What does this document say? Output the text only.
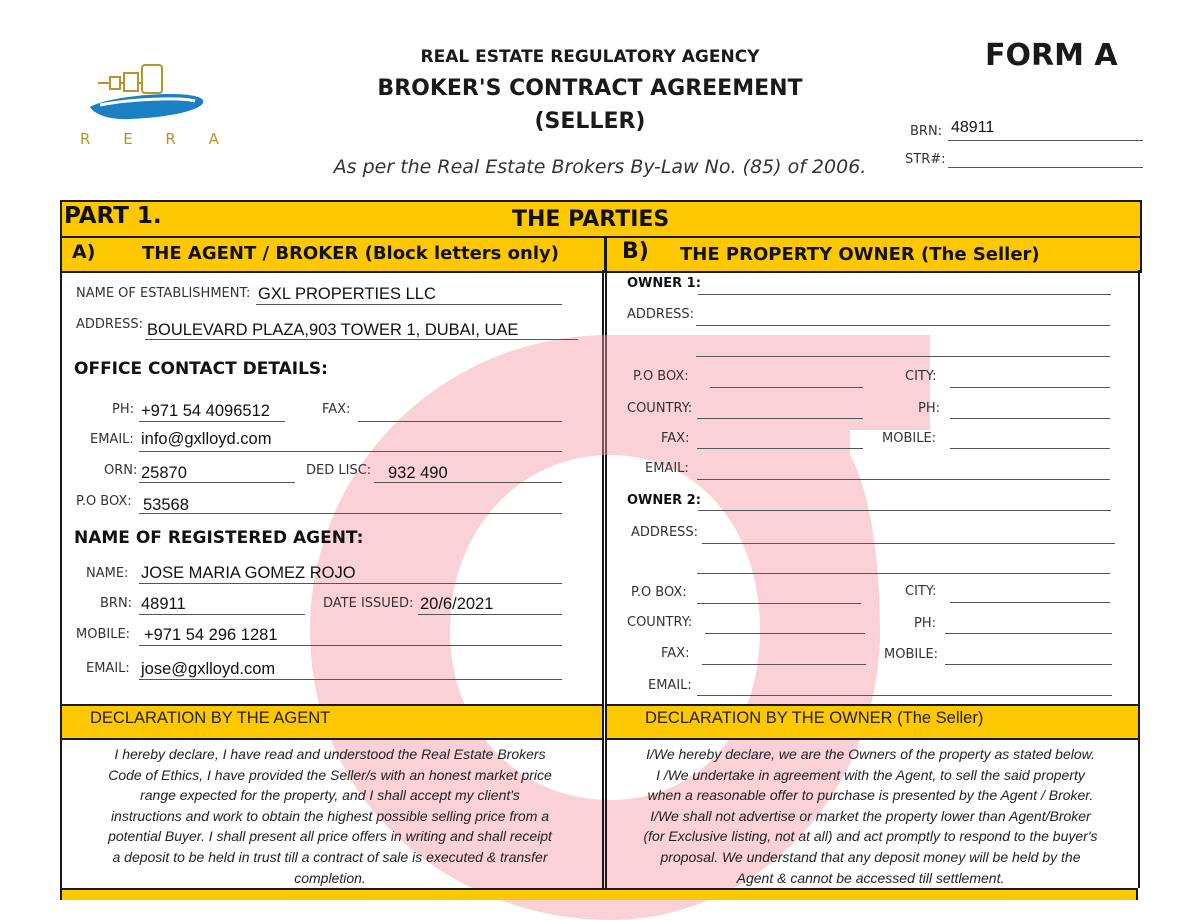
R E R A
REAL ESTATE REGULATORY AGENCY
BROKER'S CONTRACT AGREEMENT
(SELLER)
As per the Real Estate Brokers By-Law No. (85) of 2006.
FORM A
BRN: 48911
STR#:
PART 1.	THE PARTIES
A)	THE AGENT / BROKER (Block letters only)	B) THE PROPERTY OWNER (The Seller)
NAME OF ESTABLISHMENT: GXL PROPERTIES LLC
ADDRESS: BOULEVARD PLAZA,903 TOWER 1, DUBAI, UAE
OFFICE CONTACT DETAILS:
PH: +971 54 4096512	FAX:
EMAIL: info@gxlloyd.com
ORN: 25870	DED LISC: 932 490
P.O BOX: 53568
NAME OF REGISTERED AGENT:
NAME: JOSE MARIA GOMEZ ROJO
BRN: 48911	DATE ISSUED: 20/6/2021
MOBILE: +971 54 296 1281
EMAIL: jose@gxlloyd.com
OWNER 1:
ADDRESS:
P.O BOX:	CITY:
COUNTRY:	PH:
FAX:	MOBILE:
EMAIL:
OWNER 2:
ADDRESS:
P.O BOX:	CITY:
COUNTRY:	PH:
FAX:	MOBILE:
EMAIL:
DECLARATION BY THE AGENT	DECLARATION BY THE OWNER (The Seller)
I hereby declare, I have read and understood the Real Estate Brokers
Code of Ethics, I have provided the Seller/s with an honest market price
range expected for the property, and I shall accept my client's
instructions and work to obtain the highest possible selling price from a
potential Buyer. I shall present all price offers in writing and shall receipt
a deposit to be held in trust till a contract of sale is executed & transfer
completion.
I/We hereby declare, we are the Owners of the property as stated below.
I /We undertake in agreement with the Agent, to sell the said property
when a reasonable offer to purchase is presented by the Agent / Broker.
I/We shall not advertise or market the property lower than Agent/Broker
(for Exclusive listing, not at all) and act promptly to respond to the buyer's
proposal. We understand that any deposit money will be held by the
Agent & cannot be accessed till settlement.
